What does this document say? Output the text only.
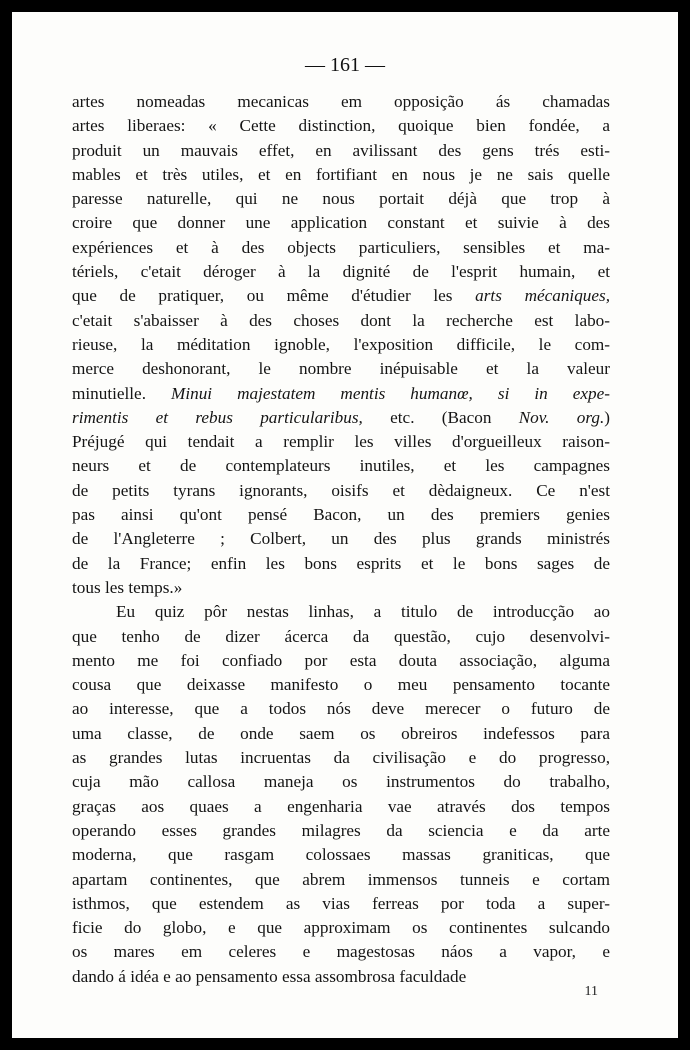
— 161 —
artes nomeadas mecanicas em opposição ás chamadas
artes liberaes: « Cette distinction, quoique bien fondée, a
produit un mauvais effet, en avilissant des gens trés esti-
mables et très utiles, et en fortifiant en nous je ne sais quelle
paresse naturelle, qui ne nous portait déjà que trop à
croire que donner une application constant et suivie à des
expériences et à des objects particuliers, sensibles et ma-
tériels, c'etait déroger à la dignité de l'esprit humain, et
que de pratiquer, ou même d'étudier les arts mécaniques,
c'etait s'abaisser à des choses dont la recherche est labo-
rieuse, la méditation ignoble, l'exposition difficile, le com-
merce deshonorant, le nombre inépuisable et la valeur
minutielle. Minui majestatem mentis humanœ, si in expe-
rimentis et rebus particularibus, etc. (Bacon Nov. org.)
Préjugé qui tendait a remplir les villes d'orgueilleux raison-
neurs et de contemplateurs inutiles, et les campagnes
de petits tyrans ignorants, oisifs et dèdaigneux. Ce n'est
pas ainsi qu'ont pensé Bacon, un des premiers genies
de l'Angleterre ; Colbert, un des plus grands ministrés
de la France; enfin les bons esprits et le bons sages de
tous les temps.»
Eu quiz pôr nestas linhas, a titulo de introducção ao
que tenho de dizer ácerca da questão, cujo desenvolvi-
mento me foi confiado por esta douta associação, alguma
cousa que deixasse manifesto o meu pensamento tocante
ao interesse, que a todos nós deve merecer o futuro de
uma classe, de onde saem os obreiros indefessos para
as grandes lutas incruentas da civilisação e do progresso,
cuja mão callosa maneja os instrumentos do trabalho,
graças aos quaes a engenharia vae através dos tempos
operando esses grandes milagres da sciencia e da arte
moderna, que rasgam colossaes massas graniticas, que
apartam continentes, que abrem immensos tunneis e cortam
isthmos, que estendem as vias ferreas por toda a super-
ficie do globo, e que approximam os continentes sulcando
os mares em celeres e magestosas náos a vapor, e
dando á idéa e ao pensamento essa assombrosa faculdade
11
